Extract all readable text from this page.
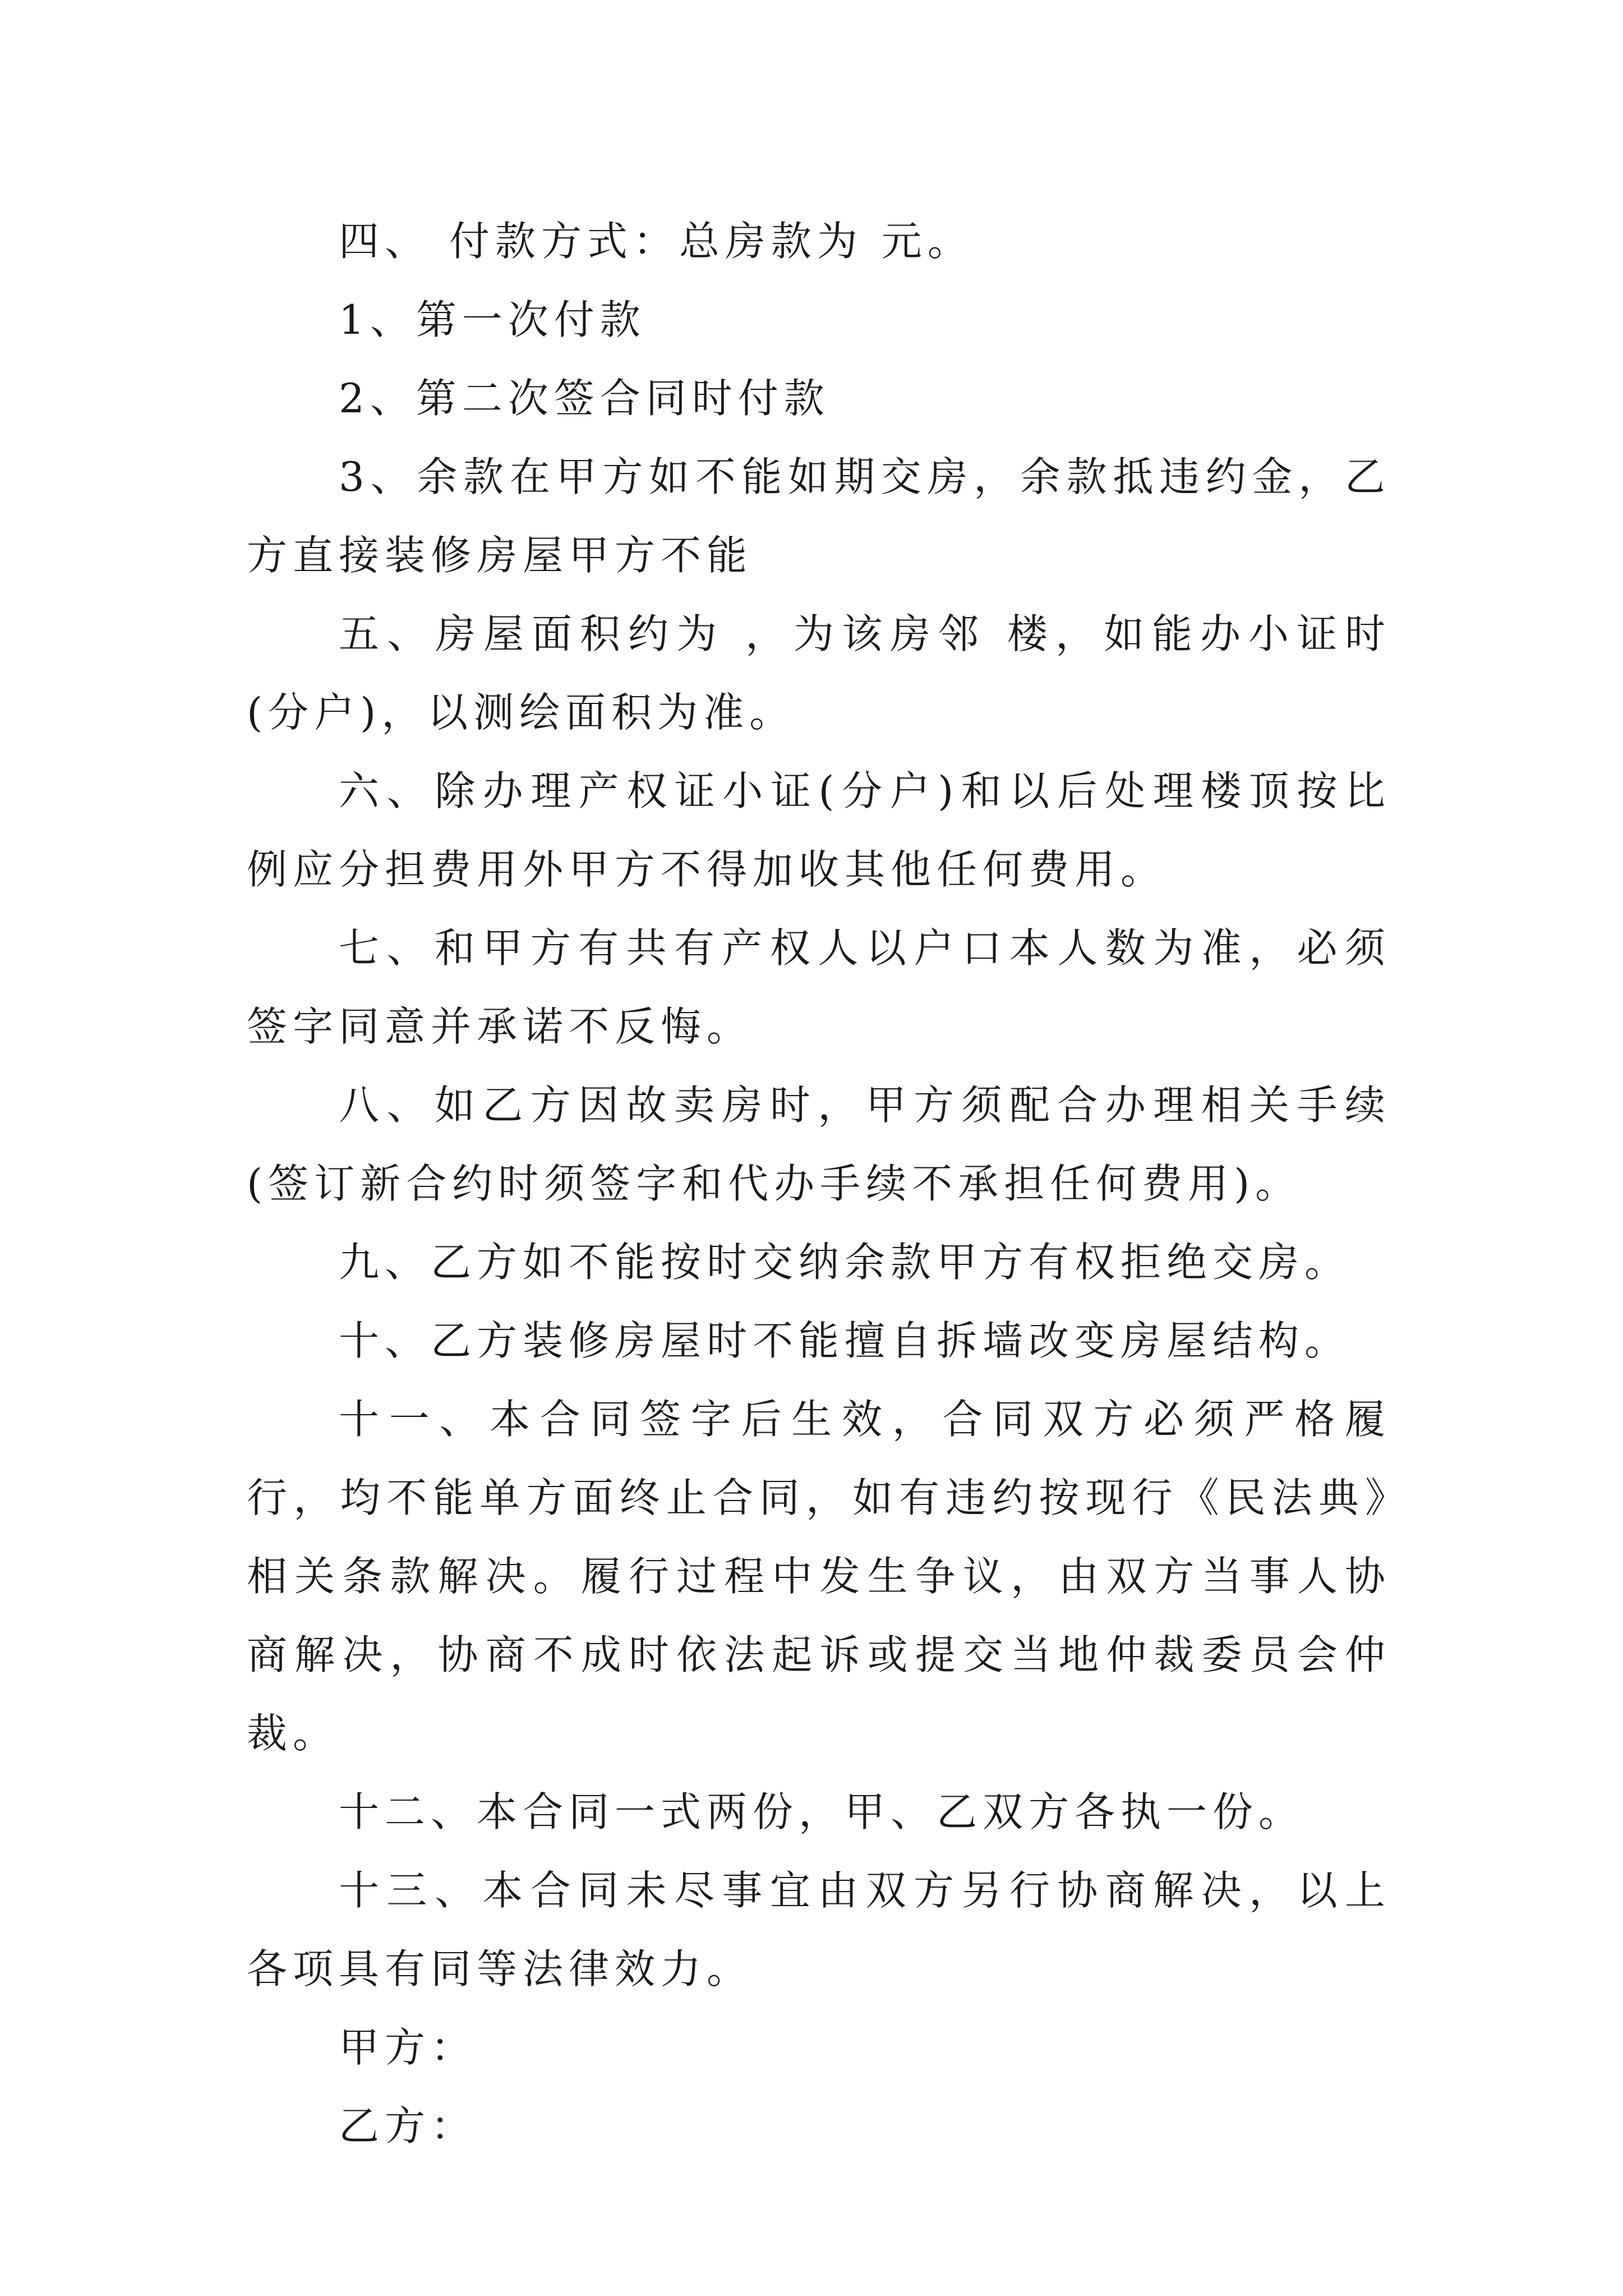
四、 付款方式：总房款为 元。

1、第一次付款

2、第二次签合同时付款

3、余款在甲方如不能如期交房，余款抵违约金，乙方直接装修房屋甲方不能

五、房屋面积约为 ，为该房邻 楼，如能办小证时(分户)，以测绘面积为准。

六、除办理产权证小证(分户)和以后处理楼顶按比例应分担费用外甲方不得加收其他任何费用。

七、和甲方有共有产权人以户口本人数为准，必须签字同意并承诺不反悔。

八、如乙方因故卖房时，甲方须配合办理相关手续(签订新合约时须签字和代办手续不承担任何费用)。

九、乙方如不能按时交纳余款甲方有权拒绝交房。

十、乙方装修房屋时不能擅自拆墙改变房屋结构。

十一、本合同签字后生效，合同双方必须严格履行，均不能单方面终止合同，如有违约按现行《民法典》相关条款解决。履行过程中发生争议，由双方当事人协商解决，协商不成时依法起诉或提交当地仲裁委员会仲裁。

十二、本合同一式两份，甲、乙双方各执一份。

十三、本合同未尽事宜由双方另行协商解决，以上各项具有同等法律效力。

甲方：

乙方：
